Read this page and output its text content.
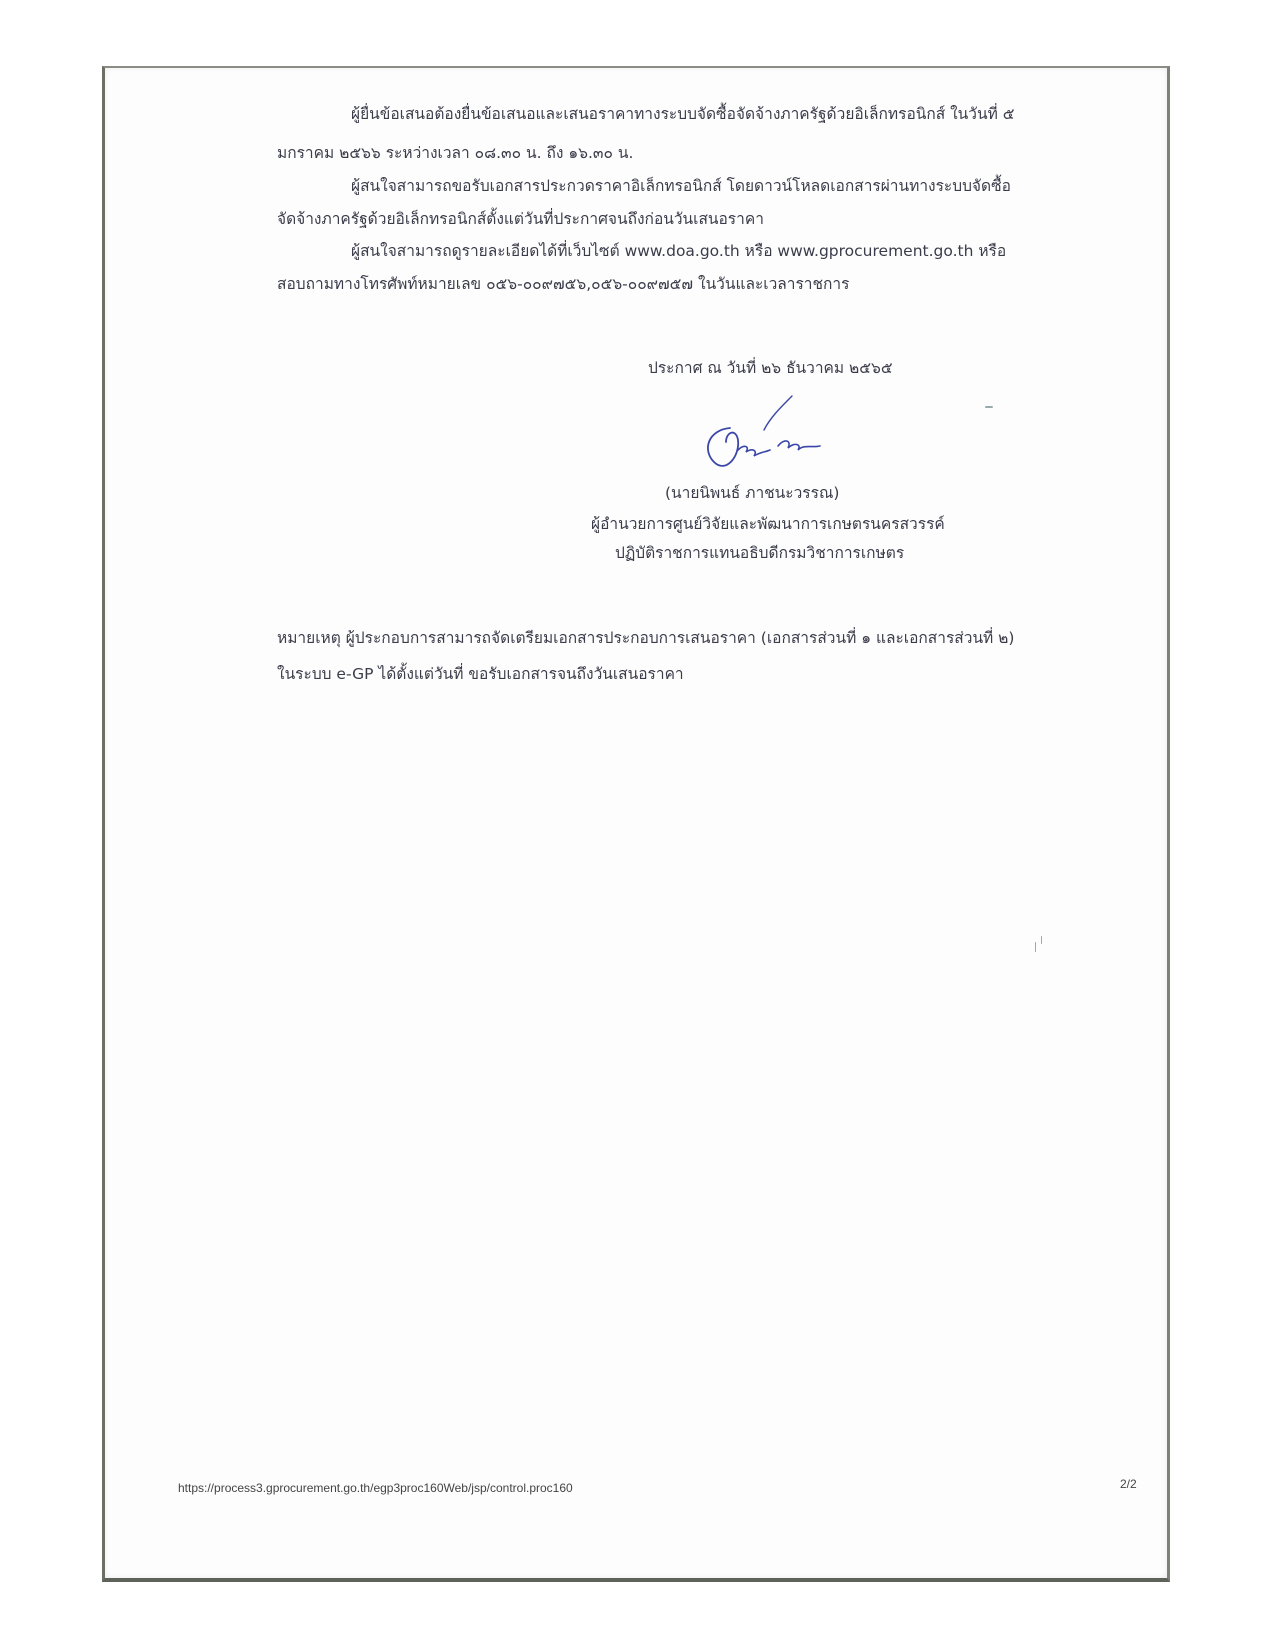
ผู้ยื่นข้อเสนอต้องยื่นข้อเสนอและเสนอราคาทางระบบจัดซื้อจัดจ้างภาครัฐด้วยอิเล็กทรอนิกส์ ในวันที่ ๕
มกราคม ๒๕๖๖ ระหว่างเวลา ๐๘.๓๐ น. ถึง ๑๖.๓๐ น.
ผู้สนใจสามารถขอรับเอกสารประกวดราคาอิเล็กทรอนิกส์ โดยดาวน์โหลดเอกสารผ่านทางระบบจัดซื้อ
จัดจ้างภาครัฐด้วยอิเล็กทรอนิกส์ตั้งแต่วันที่ประกาศจนถึงก่อนวันเสนอราคา
ผู้สนใจสามารถดูรายละเอียดได้ที่เว็บไซต์ www.doa.go.th หรือ www.gprocurement.go.th หรือ
สอบถามทางโทรศัพท์หมายเลข ๐๕๖-๐๐๙๗๕๖,๐๕๖-๐๐๙๗๕๗ ในวันและเวลาราชการ
ประกาศ ณ วันที่ ๒๖ ธันวาคม ๒๕๖๕
(นายนิพนธ์ ภาชนะวรรณ)
ผู้อำนวยการศูนย์วิจัยและพัฒนาการเกษตรนครสวรรค์
ปฏิบัติราชการแทนอธิบดีกรมวิชาการเกษตร
หมายเหตุ ผู้ประกอบการสามารถจัดเตรียมเอกสารประกอบการเสนอราคา (เอกสารส่วนที่ ๑ และเอกสารส่วนที่ ๒)
ในระบบ e-GP ได้ตั้งแต่วันที่ ขอรับเอกสารจนถึงวันเสนอราคา
https://process3.gprocurement.go.th/egp3proc160Web/jsp/control.proc160	2/2
